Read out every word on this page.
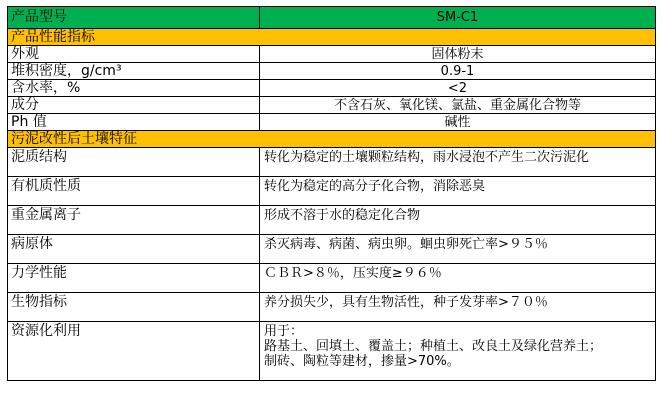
产品型号	SM-C1
产品性能指标	
外观	固体粉末
堆积密度，g/cm³	0.9-1
含水率，%	<2
成分	不含石灰、氧化镁、氯盐、重金属化合物等
Ph 值	碱性
污泥改性后土壤特征	
泥质结构	转化为稳定的土壤颗粒结构，雨水浸泡不产生二次污泥化
有机质性质	转化为稳定的高分子化合物，消除恶臭
重金属离子	形成不溶于水的稳定化合物
病原体	杀灭病毒、病菌、病虫卵。蛔虫卵死亡率>９５％
力学性能	ＣＢＲ>８％，压实度≥９６％
生物指标	养分损失少，具有生物活性，种子发芽率>７０％
资源化利用	用于：
路基土、回填土、覆盖土；种植土、改良土及绿化营养土；
制砖、陶粒等建材，掺量>70%。
